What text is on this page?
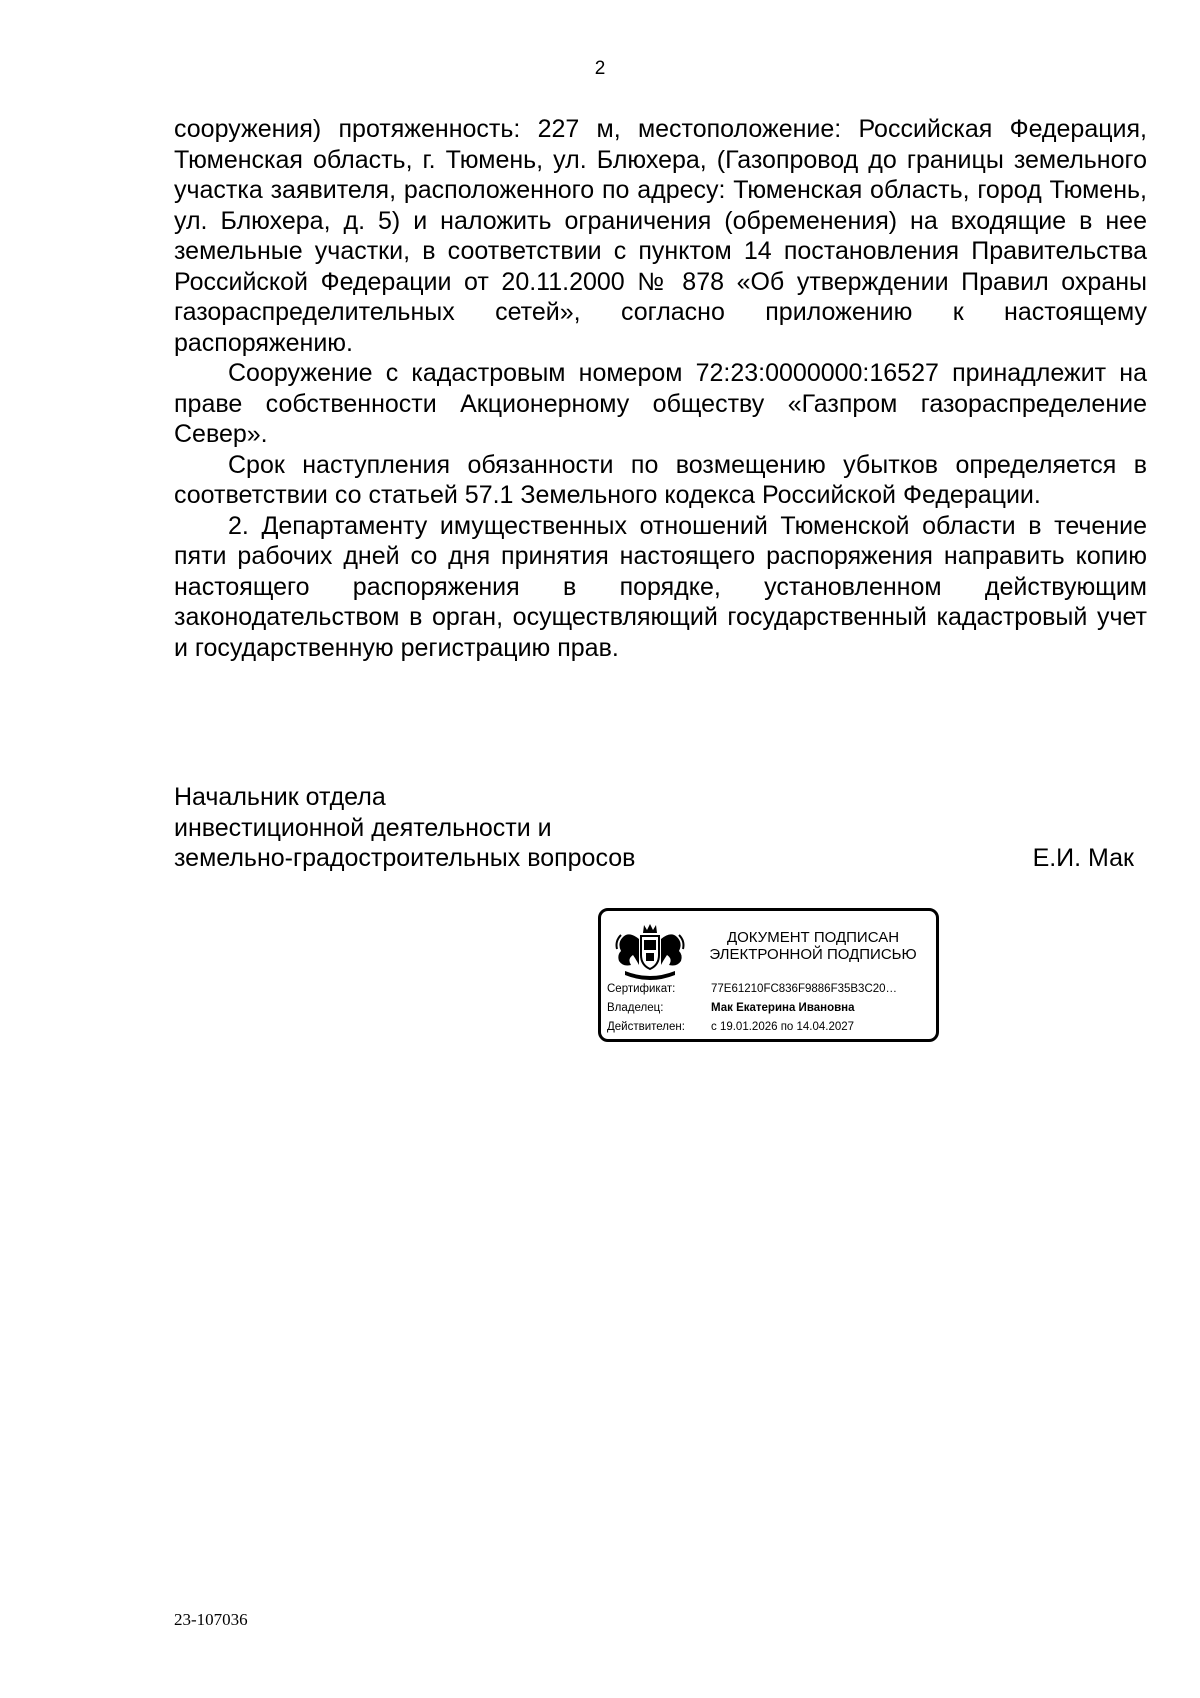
2

сооружения) протяженность: 227 м, местоположение: Российская Федерация, Тюменская область, г. Тюмень, ул. Блюхера, (Газопровод до границы земельного участка заявителя, расположенного по адресу: Тюменская область, город Тюмень, ул. Блюхера, д. 5) и наложить ограничения (обременения) на входящие в нее земельные участки, в соответствии с пунктом 14 постановления Правительства Российской Федерации от 20.11.2000 № 878 «Об утверждении Правил охраны газораспределительных сетей», согласно приложению к настоящему распоряжению.

Сооружение с кадастровым номером 72:23:0000000:16527 принадлежит на праве собственности Акционерному обществу «Газпром газораспределение Север».

Срок наступления обязанности по возмещению убытков определяется в соответствии со статьей 57.1 Земельного кодекса Российской Федерации.

2. Департаменту имущественных отношений Тюменской области в течение пяти рабочих дней со дня принятия настоящего распоряжения направить копию настоящего распоряжения в порядке, установленном действующим законодательством в орган, осуществляющий государственный кадастровый учет и государственную регистрацию прав.

Начальник отдела
инвестиционной деятельности и
земельно-градостроительных вопросов	Е.И. Мак
ДОКУМЕНТ ПОДПИСАН
ЭЛЕКТРОННОЙ ПОДПИСЬЮ
Сертификат:	77E61210FC836F9886F35B3C20…
Владелец:	Мак Екатерина Ивановна
Действителен: с 19.01.2026 по 14.04.2027
23-107036
